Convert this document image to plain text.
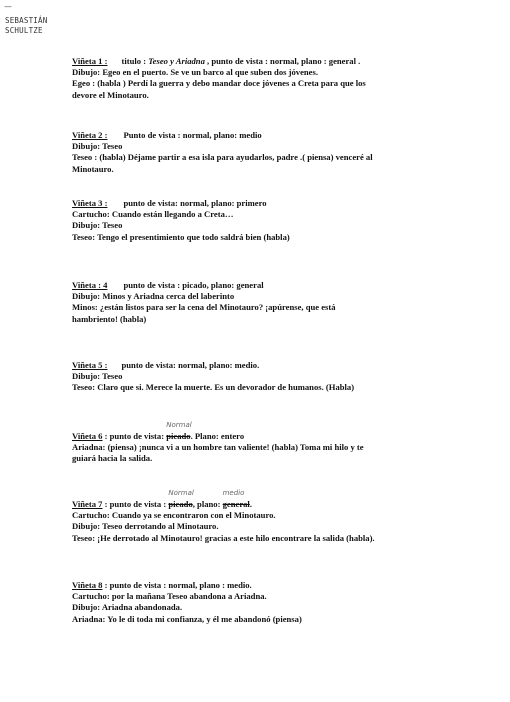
—
SEBASTIÁN
SCHULTZE

Viñeta 1 : titulo : Teseo y Ariadna , punto de vista : normal, plano : general .

Dibujo: Egeo en el puerto. Se ve un barco al que suben dos jóvenes.

Egeo : (habla ) Perdí la guerra y debo mandar doce jóvenes a Creta para que los

devore el Minotauro.

Viñeta 2 : Punto de vista : normal, plano: medio

Dibujo: Teseo

Teseo : (habla) Déjame partir a esa isla para ayudarlos, padre .( piensa) venceré al

Minotauro.

Viñeta 3 : punto de vista: normal, plano: primero

Cartucho: Cuando están llegando a Creta…

Dibujo: Teseo

Teseo: Tengo el presentimiento que todo saldrá bien (habla)

Viñeta : 4 punto de vista : picado, plano: general

Dibujo: Minos y Ariadna cerca del laberinto

Minos: ¿están listos para ser la cena del Minotauro? ¡apúrense, que está

hambriento! (habla)

Viñeta 5 : punto de vista: normal, plano: medio.

Dibujo: Teseo

Teseo: Claro que si. Merece la muerte. Es un devorador de humanos. (Habla)

Viñeta 6 : punto de vista:
Normal
picado. Plano: entero

Ariadna: (piensa) ¡nunca vi a un hombre tan valiente! (habla) Toma mi hilo y te

guiará hacia la salida.

Viñeta 7 : punto de vista :
Normal
picado, plano:
medio
general.

Cartucho: Cuando ya se encontraron con el Minotauro.

Dibujo: Teseo derrotando al Minotauro.

Teseo: ¡He derrotado al Minotauro! gracias a este hilo encontrare la salida (habla).

Viñeta 8 : punto de vista : normal, plano : medio.

Cartucho: por la mañana Teseo abandona a Ariadna.

Dibujo: Ariadna abandonada.

Ariadna: Yo le di toda mi confianza, y él me abandonó (piensa)
